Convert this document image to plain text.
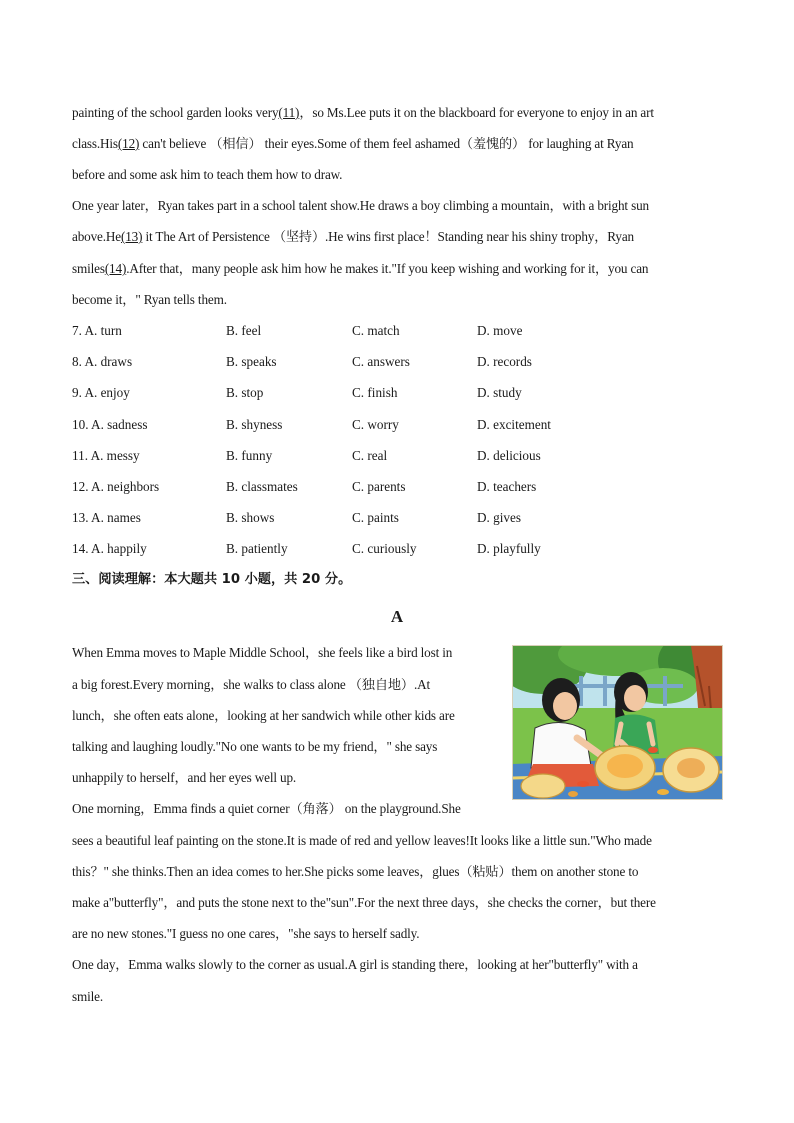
painting of the school garden looks very(11)，so Ms.Lee puts it on the blackboard for everyone to enjoy in an art
class.His(12) can't believe （相信） their eyes.Some of them feel ashamed（羞愧的） for laughing at Ryan
before and some ask him to teach them how to draw.
One year later，Ryan takes part in a school talent show.He draws a boy climbing a mountain，with a bright sun
above.He(13) it The Art of Persistence （坚持）.He wins first place！Standing near his shiny trophy，Ryan
smiles(14).After that，many people ask him how he makes it."If you keep wishing and working for it，you can
become it，" Ryan tells them.
7. A. turn	B. feel	C. match	D. move
8. A. draws	B. speaks	C. answers	D. records
9. A. enjoy	B. stop	C. finish	D. study
10. A. sadness	B. shyness	C. worry	D. excitement
11. A. messy	B. funny	C. real	D. delicious
12. A. neighbors	B. classmates	C. parents	D. teachers
13. A. names	B. shows	C. paints	D. gives
14. A. happily	B. patiently	C. curiously	D. playfully
三、阅读理解：本大题共 10 小题，共 20 分。
A
When Emma moves to Maple Middle School，she feels like a bird lost in
a big forest.Every morning，she walks to class alone （独自地）.At
lunch，she often eats alone，looking at her sandwich while other kids are
talking and laughing loudly."No one wants to be my friend，" she says
unhappily to herself，and her eyes well up.
One morning，Emma finds a quiet corner（角落） on the playground.She
sees a beautiful leaf painting on the stone.It is made of red and yellow leaves!It looks like a little sun."Who made
this？" she thinks.Then an idea comes to her.She picks some leaves，glues（粘贴）them on another stone to
make a"butterfly"，and puts the stone next to the"sun".For the next three days，she checks the corner，but there
are no new stones."I guess no one cares，"she says to herself sadly.
One day，Emma walks slowly to the corner as usual.A girl is standing there，looking at her"butterfly" with a
smile.
